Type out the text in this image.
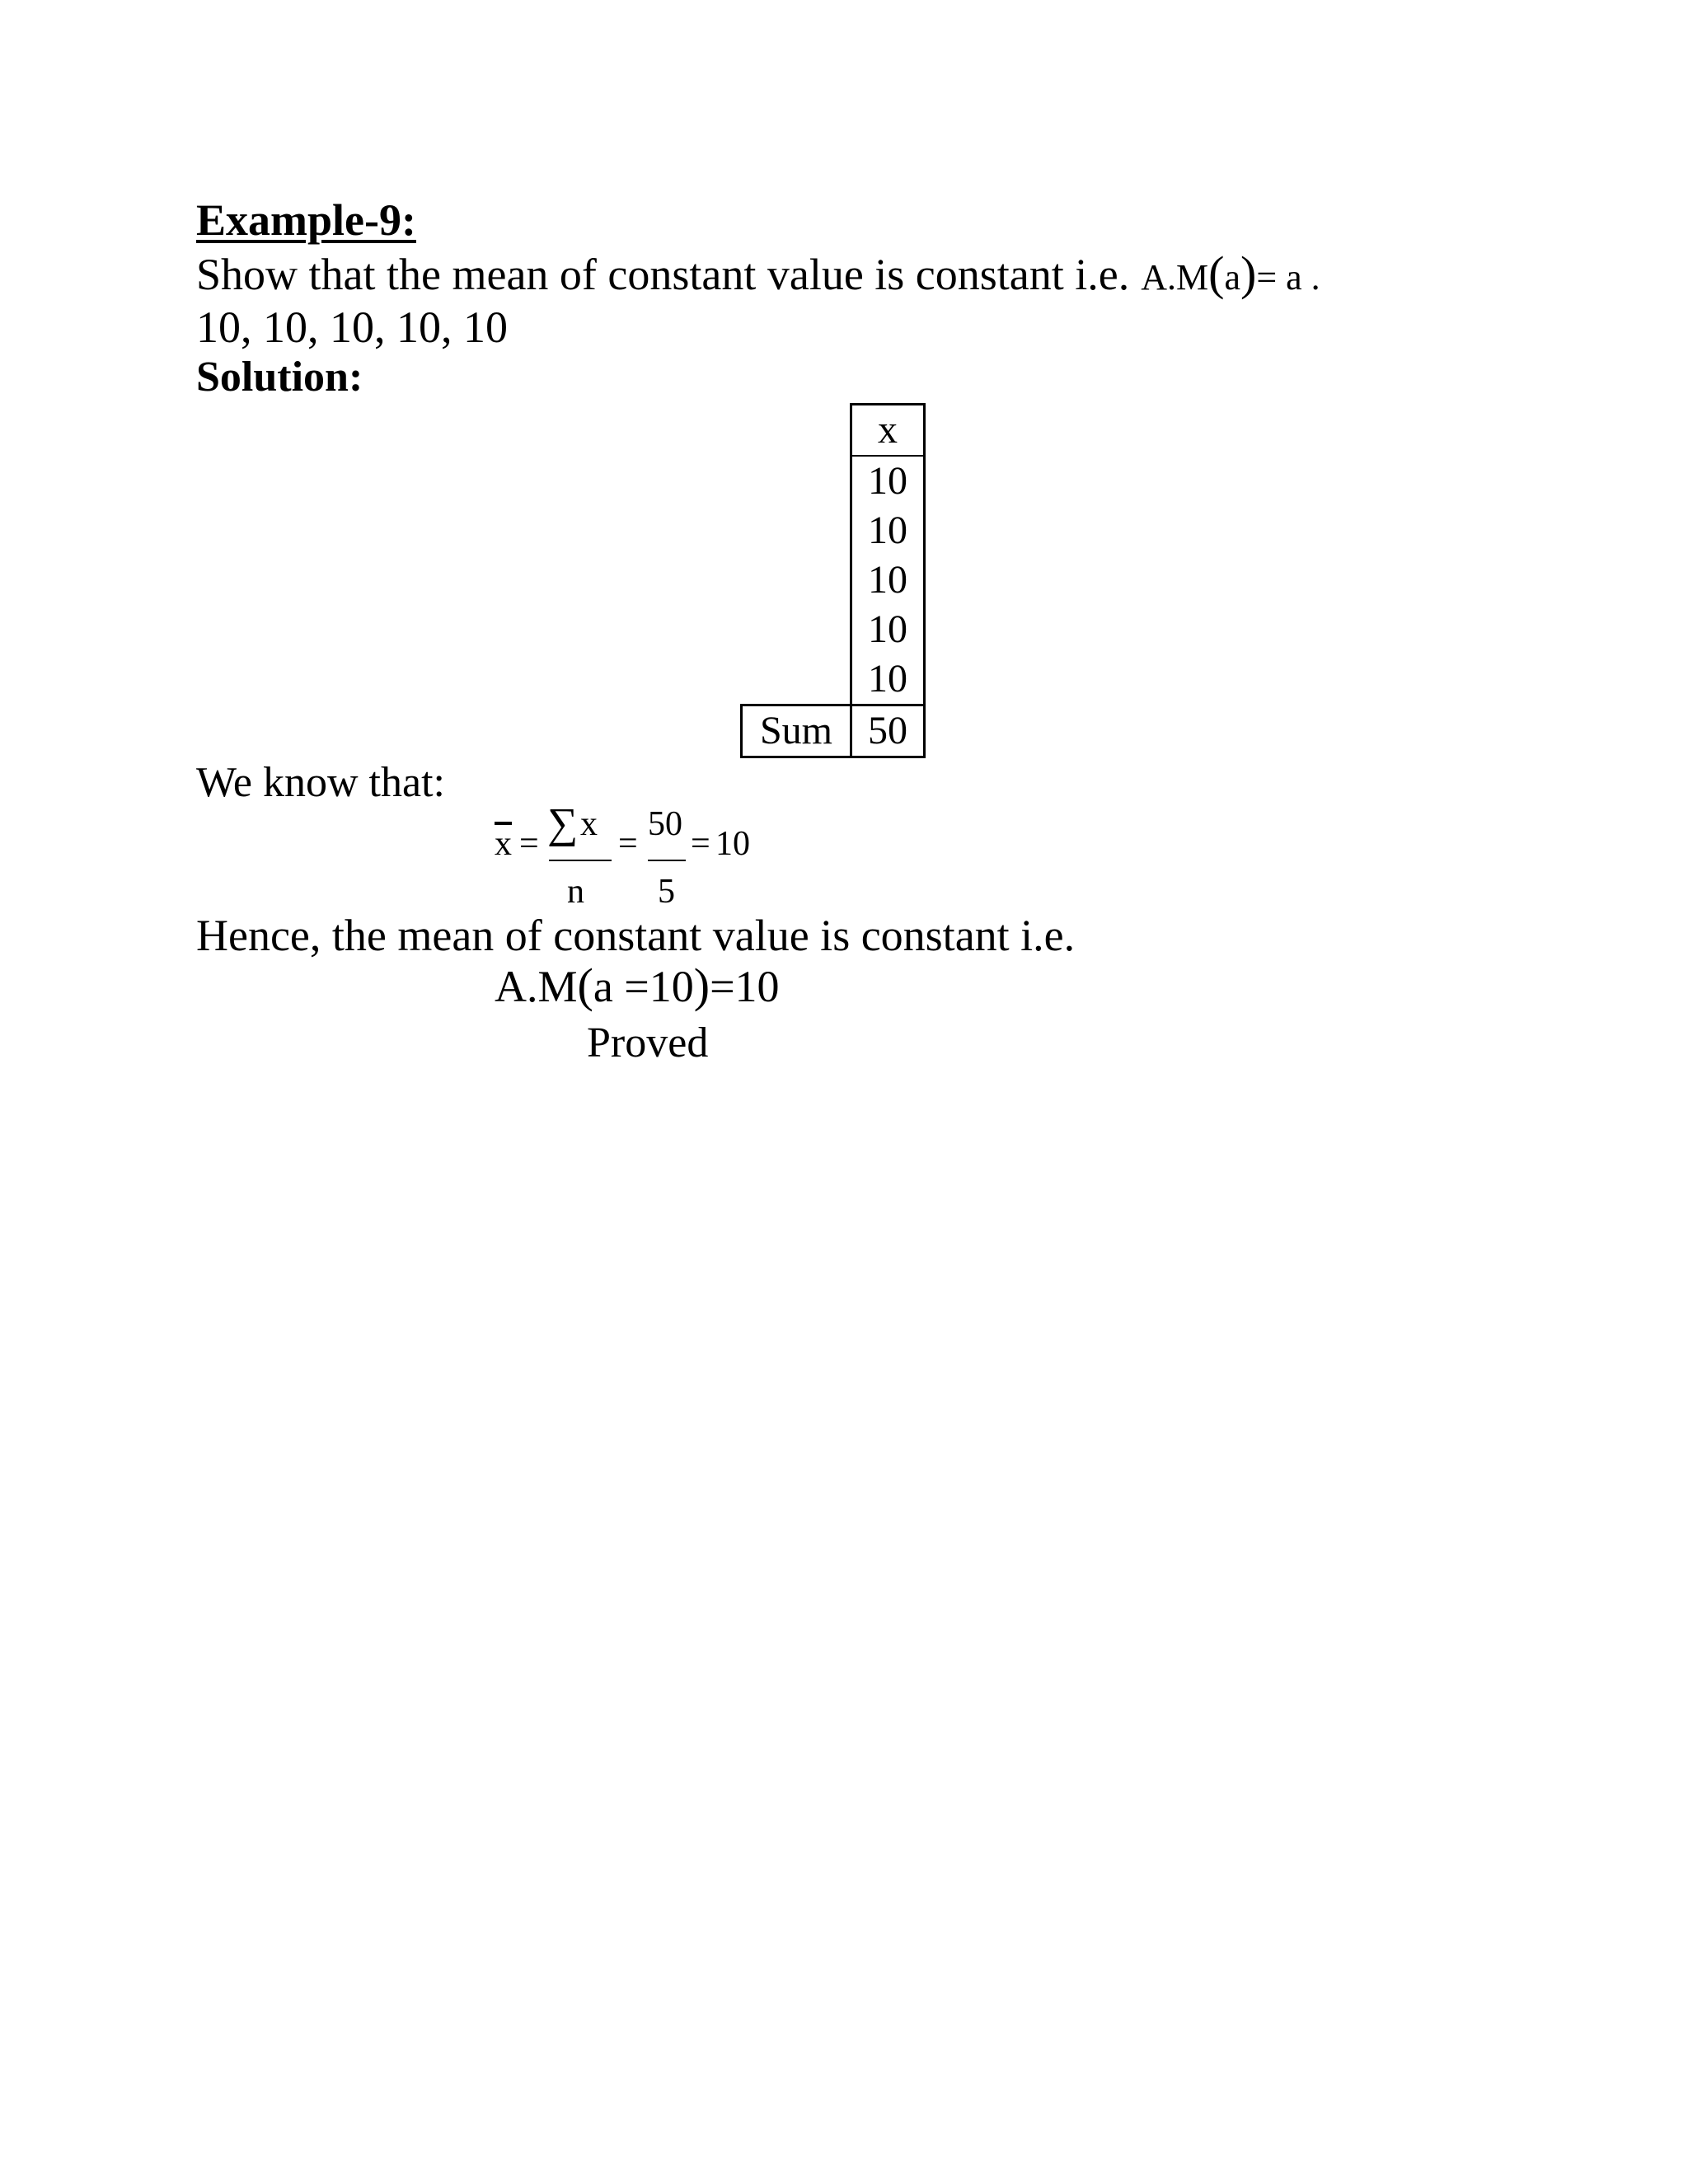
Example-9:
Show that the mean of constant value is constant i.e. A.M(a)= a .
10, 10, 10, 10, 10
Solution:
	x
	10
	10
	10
	10
	10
Sum	50
We know that:
$\overline{x}$ = ∑ x
n
=
50
5
= 10
Hence, the mean of constant value is constant i.e.
A.M(a =10)=10
Proved
